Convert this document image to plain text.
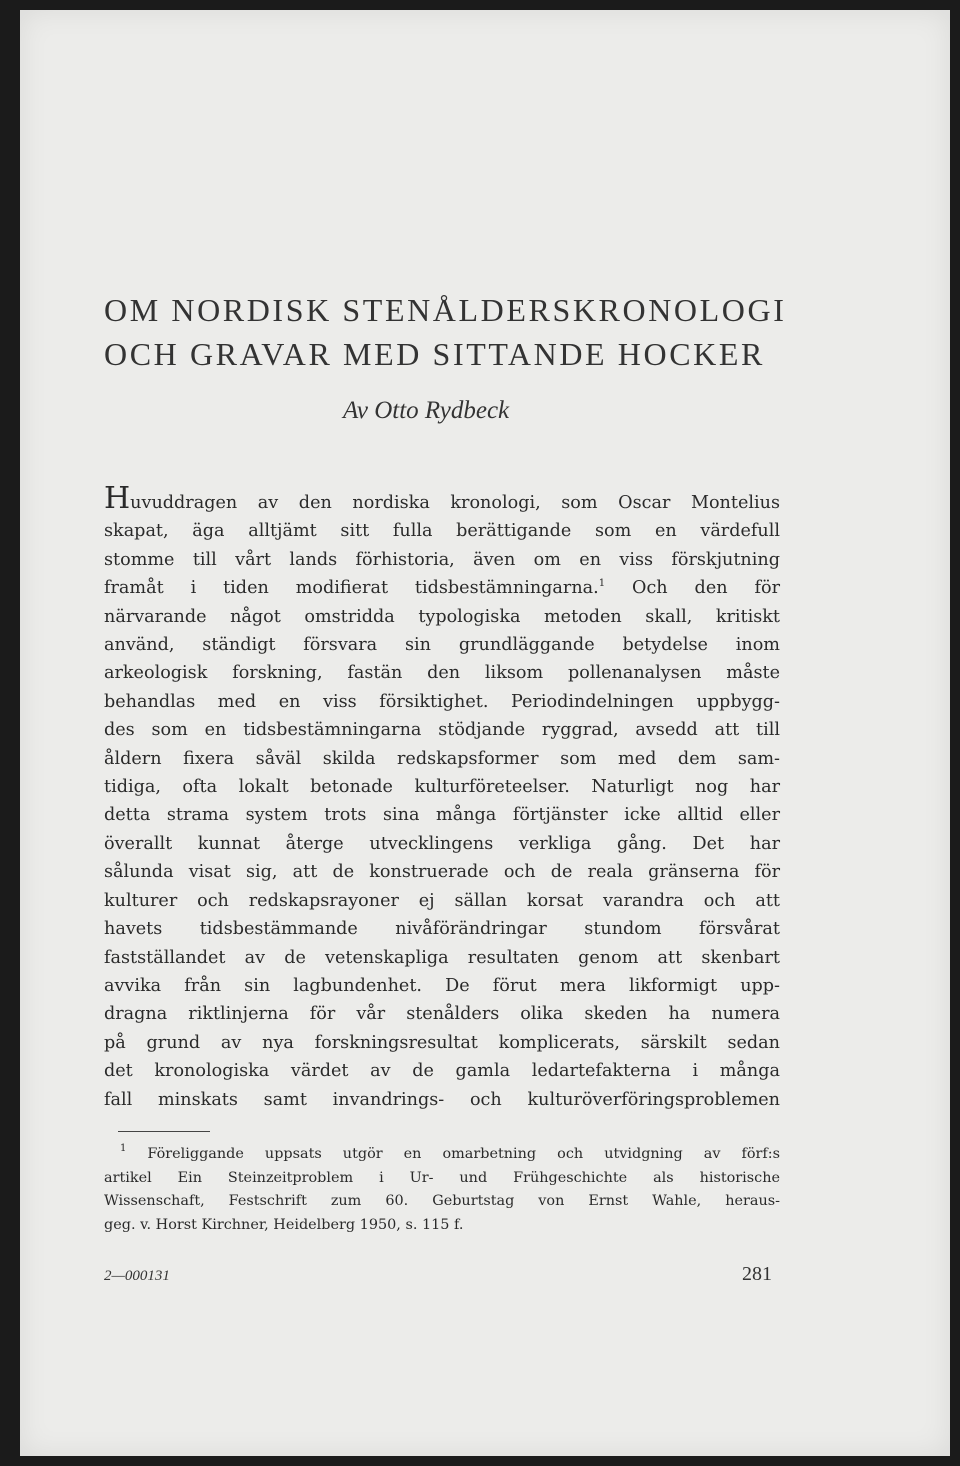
OM NORDISK STENÅLDERSKRONOLOGI
OCH GRAVAR MED SITTANDE HOCKER
Av Otto Rydbeck
Huvuddragen av den nordiska kronologi, som Oscar Montelius
skapat, äga alltjämt sitt fulla berättigande som en värdefull
stomme till vårt lands förhistoria, även om en viss förskjutning
framåt i tiden modifierat tidsbestämningarna.$^1$ Och den för
närvarande något omstridda typologiska metoden skall, kritiskt
använd, ständigt försvara sin grundläggande betydelse inom
arkeologisk forskning, fastän den liksom pollenanalysen måste
behandlas med en viss försiktighet. Periodindelningen uppbygg-
des som en tidsbestämningarna stödjande ryggrad, avsedd att till
åldern fixera såväl skilda redskapsformer som med dem sam-
tidiga, ofta lokalt betonade kulturföreteelser. Naturligt nog har
detta strama system trots sina många förtjänster icke alltid eller
överallt kunnat återge utvecklingens verkliga gång. Det har
sålunda visat sig, att de konstruerade och de reala gränserna för
kulturer och redskapsrayoner ej sällan korsat varandra och att
havets tidsbestämmande nivåförändringar stundom försvårat
fastställandet av de vetenskapliga resultaten genom att skenbart
avvika från sin lagbundenhet. De förut mera likformigt upp-
dragna riktlinjerna för vår stenålders olika skeden ha numera
på grund av nya forskningsresultat komplicerats, särskilt sedan
det kronologiska värdet av de gamla ledartefakterna i många
fall minskats samt invandrings- och kulturöverföringsproblemen
$^1$ Föreliggande uppsats utgör en omarbetning och utvidgning av förf:s
artikel Ein Steinzeitproblem i Ur- und Frühgeschichte als historische
Wissenschaft, Festschrift zum 60. Geburtstag von Ernst Wahle, heraus-
geg. v. Horst Kirchner, Heidelberg 1950, s. 115 f.
2—000131	281
